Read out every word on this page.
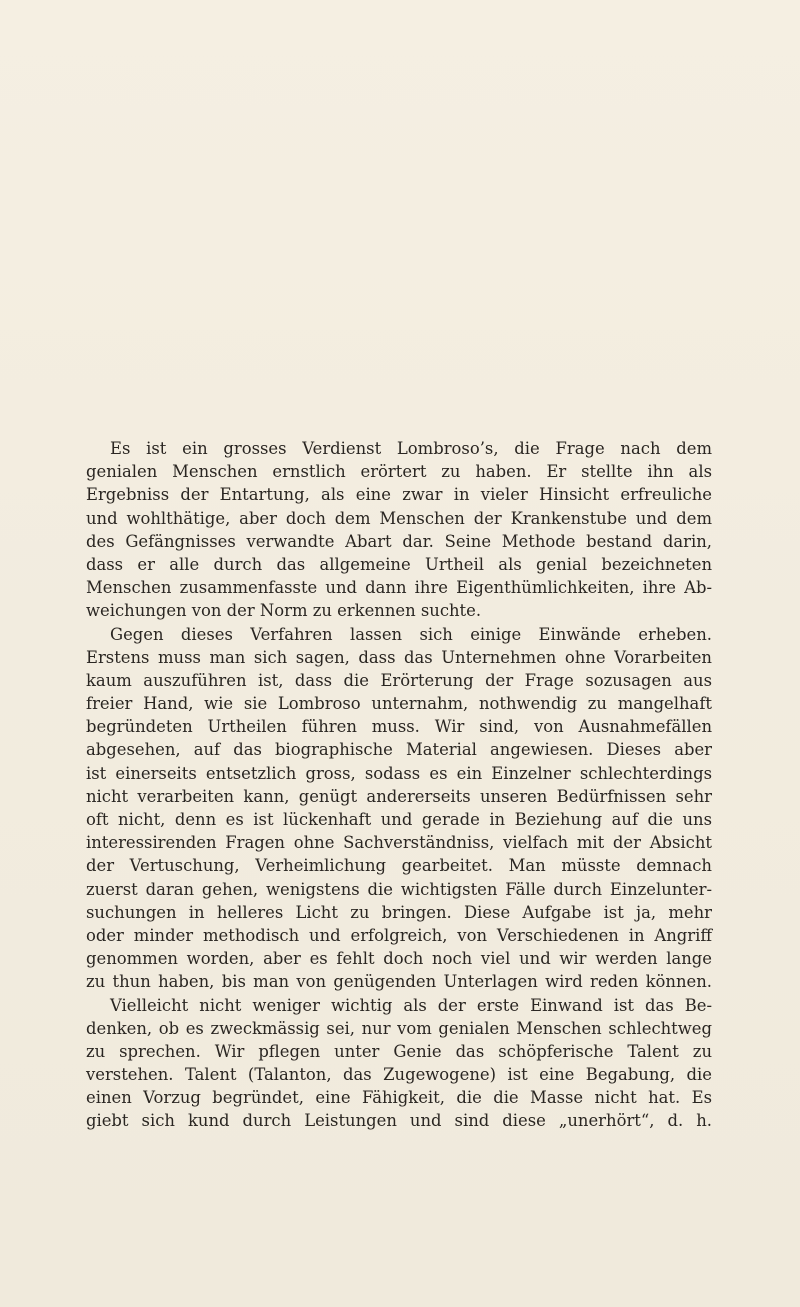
Es ist ein grosses Verdienst Lombroso’s, die Frage nach dem
genialen Menschen ernstlich erörtert zu haben. Er stellte ihn als
Ergebniss der Entartung, als eine zwar in vieler Hinsicht erfreuliche
und wohlthätige, aber doch dem Menschen der Krankenstube und dem
des Gefängnisses verwandte Abart dar. Seine Methode bestand darin,
dass er alle durch das allgemeine Urtheil als genial bezeichneten
Menschen zusammenfasste und dann ihre Eigenthümlichkeiten, ihre Ab-
weichungen von der Norm zu erkennen suchte.
Gegen dieses Verfahren lassen sich einige Einwände erheben.
Erstens muss man sich sagen, dass das Unternehmen ohne Vorarbeiten
kaum auszuführen ist, dass die Erörterung der Frage sozusagen aus
freier Hand, wie sie Lombroso unternahm, nothwendig zu mangelhaft
begründeten Urtheilen führen muss. Wir sind, von Ausnahmefällen
abgesehen, auf das biographische Material angewiesen. Dieses aber
ist einerseits entsetzlich gross, sodass es ein Einzelner schlechterdings
nicht verarbeiten kann, genügt andererseits unseren Bedürfnissen sehr
oft nicht, denn es ist lückenhaft und gerade in Beziehung auf die uns
interessirenden Fragen ohne Sachverständniss, vielfach mit der Absicht
der Vertuschung, Verheimlichung gearbeitet. Man müsste demnach
zuerst daran gehen, wenigstens die wichtigsten Fälle durch Einzelunter-
suchungen in helleres Licht zu bringen. Diese Aufgabe ist ja, mehr
oder minder methodisch und erfolgreich, von Verschiedenen in Angriff
genommen worden, aber es fehlt doch noch viel und wir werden lange
zu thun haben, bis man von genügenden Unterlagen wird reden können.
Vielleicht nicht weniger wichtig als der erste Einwand ist das Be-
denken, ob es zweckmässig sei, nur vom genialen Menschen schlechtweg
zu sprechen. Wir pflegen unter Genie das schöpferische Talent zu
verstehen. Talent (Talanton, das Zugewogene) ist eine Begabung, die
einen Vorzug begründet, eine Fähigkeit, die die Masse nicht hat. Es
giebt sich kund durch Leistungen und sind diese „unerhört“, d. h.
